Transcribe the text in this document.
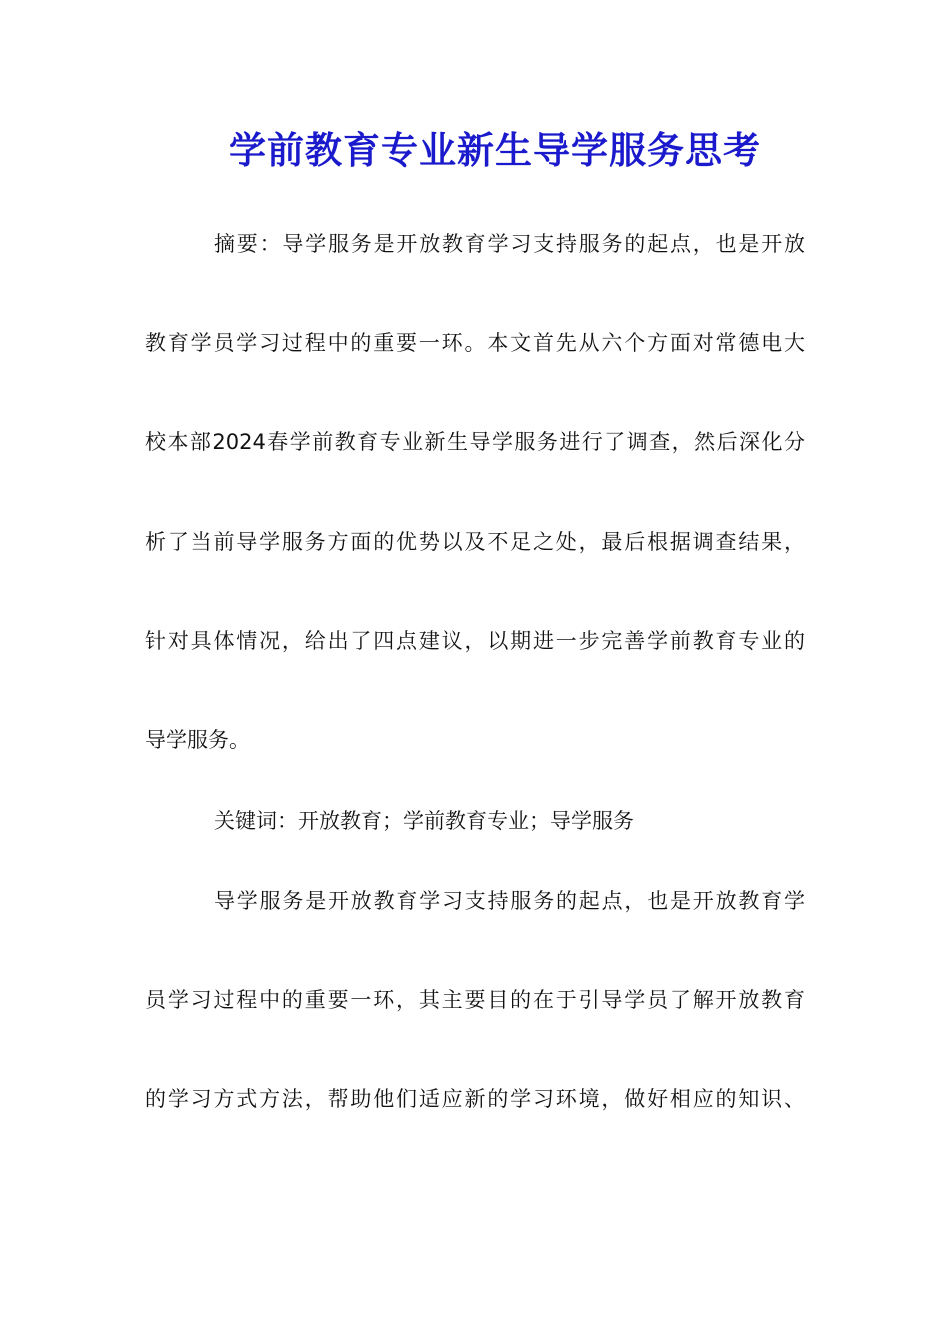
学前教育专业新生导学服务思考
摘要：导学服务是开放教育学习支持服务的起点，也是开放
教育学员学习过程中的重要一环。本文首先从六个方面对常德电大
校本部2024春学前教育专业新生导学服务进行了调查，然后深化分
析了当前导学服务方面的优势以及不足之处，最后根据调查结果，
针对具体情况，给出了四点建议，以期进一步完善学前教育专业的
导学服务。
关键词：开放教育；学前教育专业；导学服务
导学服务是开放教育学习支持服务的起点，也是开放教育学
员学习过程中的重要一环，其主要目的在于引导学员了解开放教育
的学习方式方法，帮助他们适应新的学习环境，做好相应的知识、
